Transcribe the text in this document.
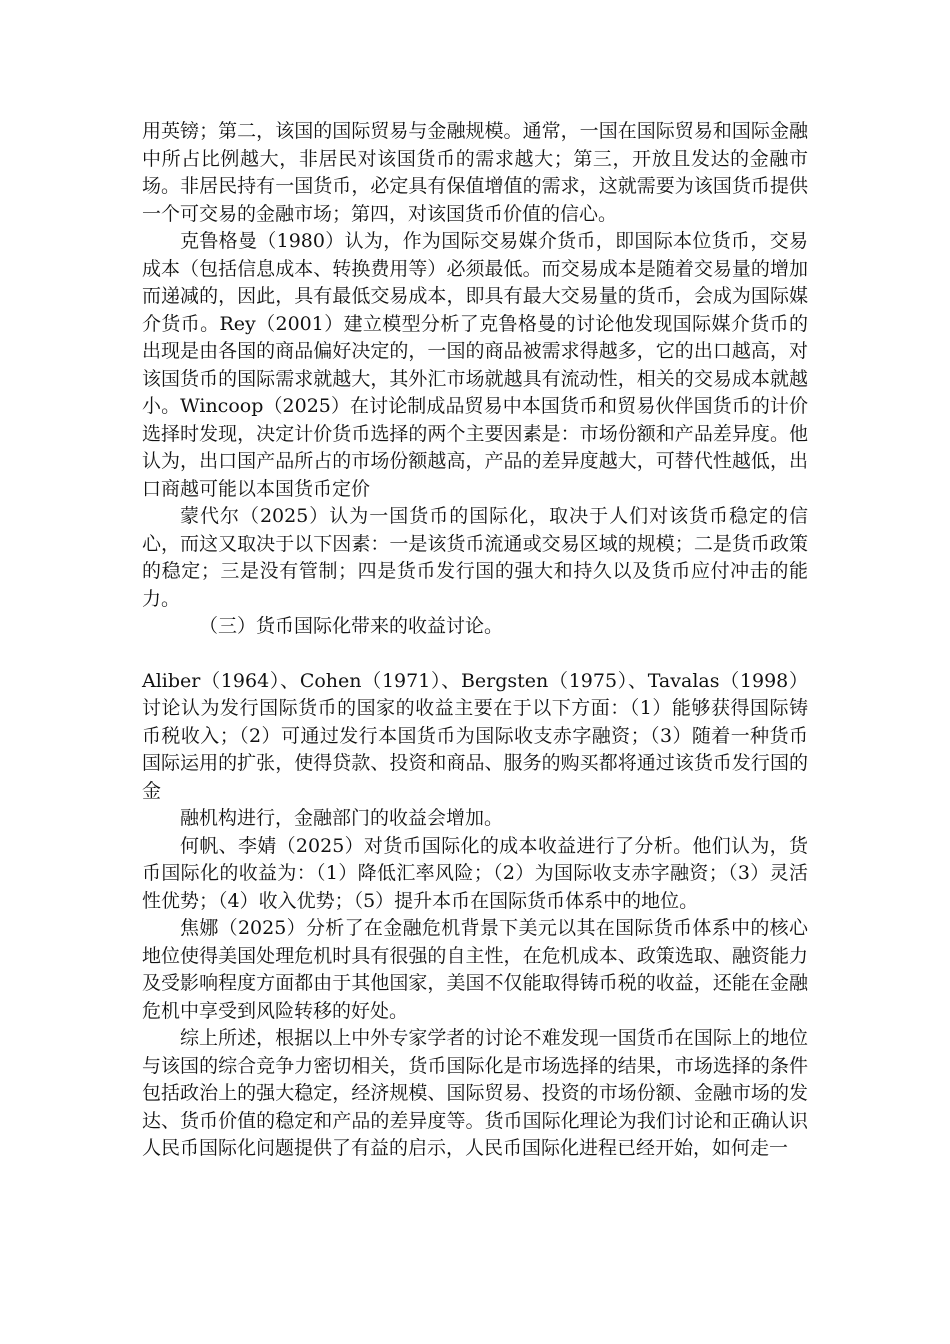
用英镑；第二，该国的国际贸易与金融规模。通常，一国在国际贸易和国际金融中所占比例越大，非居民对该国货币的需求越大；第三，开放且发达的金融市场。非居民持有一国货币，必定具有保值增值的需求，这就需要为该国货币提供一个可交易的金融市场；第四，对该国货币价值的信心。

克鲁格曼（1980）认为，作为国际交易媒介货币，即国际本位货币，交易成本（包括信息成本、转换费用等）必须最低。而交易成本是随着交易量的增加而递减的，因此，具有最低交易成本，即具有最大交易量的货币，会成为国际媒介货币。Rey（2001）建立模型分析了克鲁格曼的讨论他发现国际媒介货币的出现是由各国的商品偏好决定的，一国的商品被需求得越多，它的出口越高，对该国货币的国际需求就越大，其外汇市场就越具有流动性，相关的交易成本就越小。Wincoop（2025）在讨论制成品贸易中本国货币和贸易伙伴国货币的计价选择时发现，决定计价货币选择的两个主要因素是：市场份额和产品差异度。他认为，出口国产品所占的市场份额越高，产品的差异度越大，可替代性越低，出口商越可能以本国货币定价

蒙代尔（2025）认为一国货币的国际化，取决于人们对该货币稳定的信心，而这又取决于以下因素：一是该货币流通或交易区域的规模；二是货币政策的稳定；三是没有管制；四是货币发行国的强大和持久以及货币应付冲击的能力。

（三）货币国际化带来的收益讨论。

Aliber（1964）、Cohen（1971）、Bergsten（1975）、Tavalas（1998）讨论认为发行国际货币的国家的收益主要在于以下方面：（1）能够获得国际铸币税收入；（2）可通过发行本国货币为国际收支赤字融资；（3）随着一种货币国际运用的扩张，使得贷款、投资和商品、服务的购买都将通过该货币发行国的金

融机构进行，金融部门的收益会增加。

何帆、李婧（2025）对货币国际化的成本收益进行了分析。他们认为，货币国际化的收益为：（1）降低汇率风险；（2）为国际收支赤字融资；（3）灵活性优势；（4）收入优势；（5）提升本币在国际货币体系中的地位。

焦娜（2025）分析了在金融危机背景下美元以其在国际货币体系中的核心地位使得美国处理危机时具有很强的自主性，在危机成本、政策选取、融资能力及受影响程度方面都由于其他国家，美国不仅能取得铸币税的收益，还能在金融危机中享受到风险转移的好处。

综上所述，根据以上中外专家学者的讨论不难发现一国货币在国际上的地位与该国的综合竞争力密切相关，货币国际化是市场选择的结果，市场选择的条件包括政治上的强大稳定，经济规模、国际贸易、投资的市场份额、金融市场的发达、货币价值的稳定和产品的差异度等。货币国际化理论为我们讨论和正确认识人民币国际化问题提供了有益的启示，人民币国际化进程已经开始，如何走一
